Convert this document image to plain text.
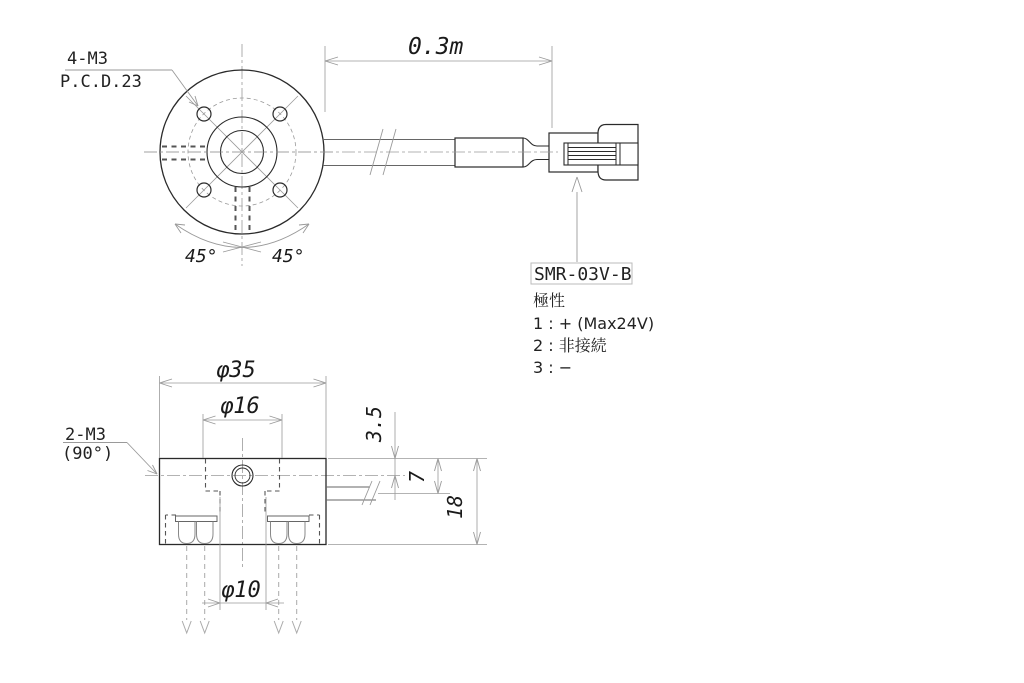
4-M3
P.C.D.23
45°	45°
0.3m
SMR-03V-B
極性
1 : + (Max24V)
2 : 非接続
3 : −
2-M3
(90°)
φ35
φ16
φ10
3.5
7
18
